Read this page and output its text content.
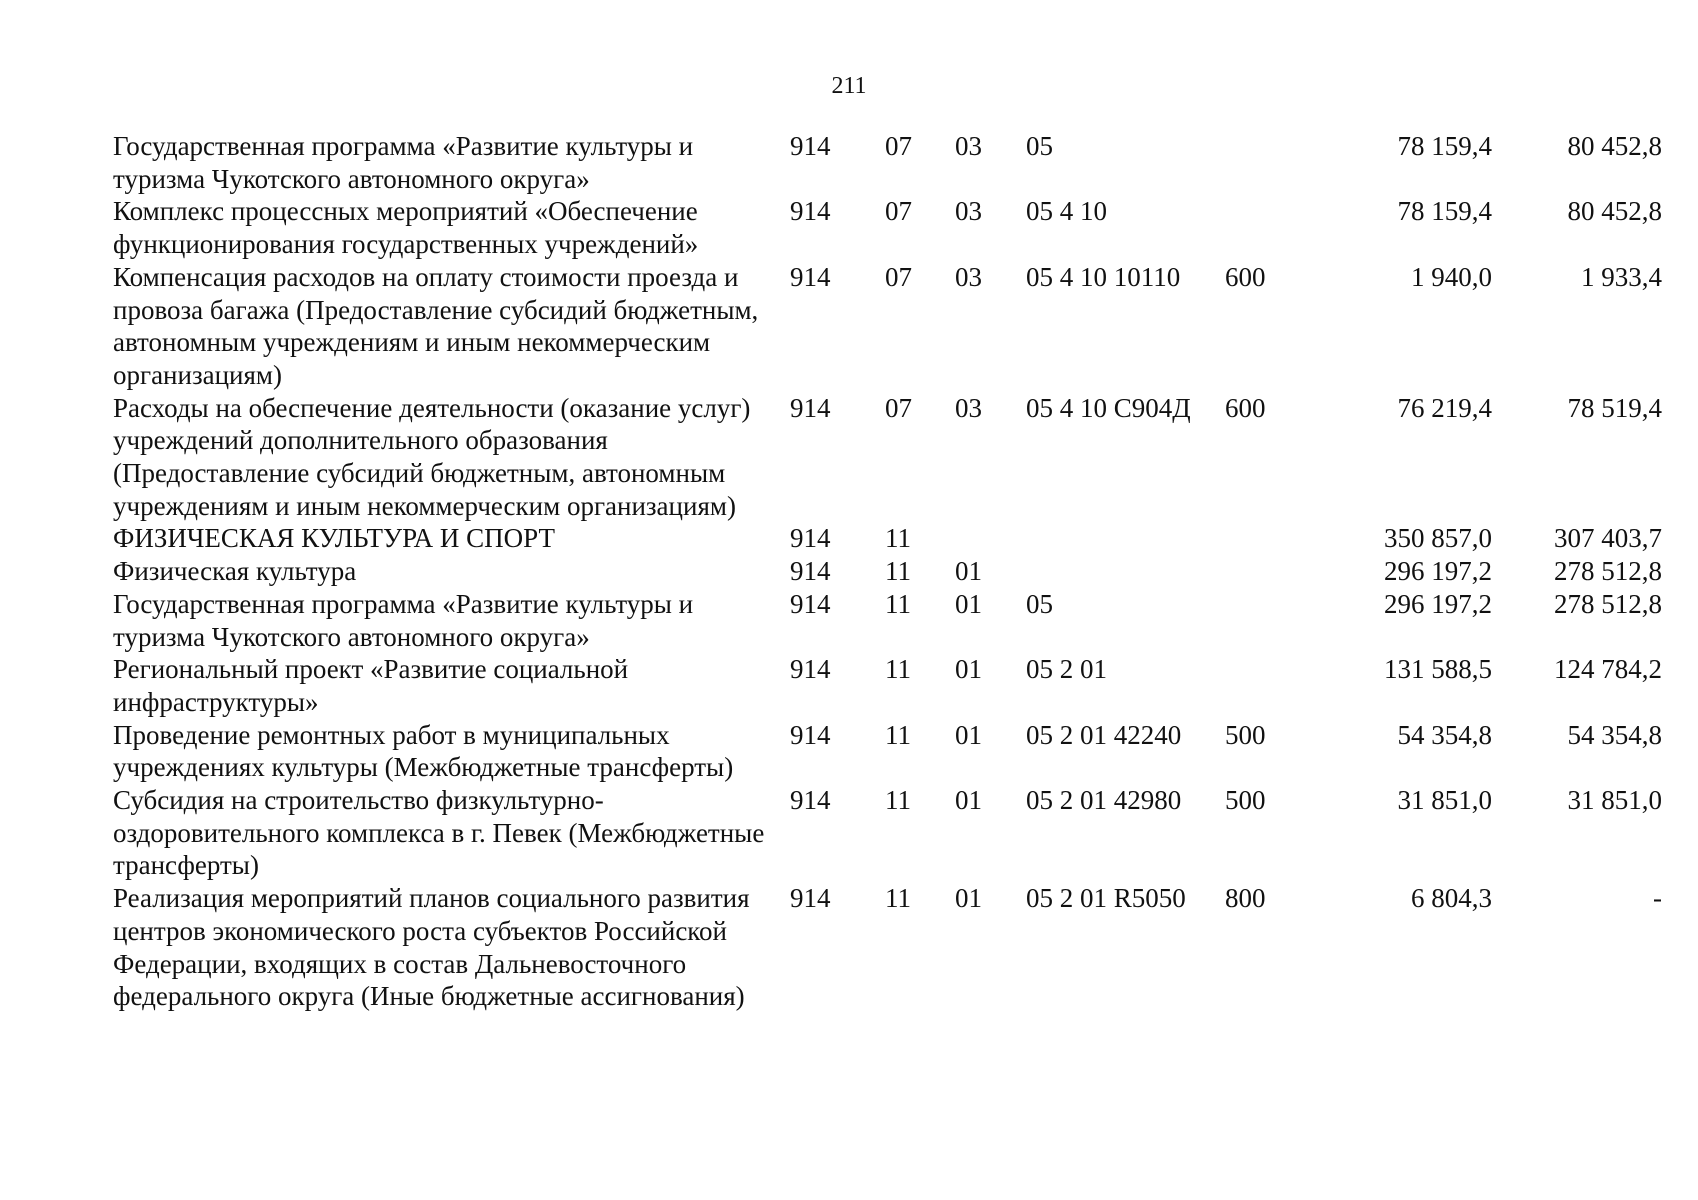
211
Государственная программа «Развитие культуры и туризма Чукотского автономного округа»	914	07	03	05		78 159,4	80 452,8
Комплекс процессных мероприятий «Обеспечение функционирования государственных учреждений»	914	07	03	05 4 10		78 159,4	80 452,8
Компенсация расходов на оплату стоимости проезда и провоза багажа (Предоставление субсидий бюджетным, автономным учреждениям и иным некоммерческим организациям)	914	07	03	05 4 10 10110	600	1 940,0	1 933,4
Расходы на обеспечение деятельности (оказание услуг) учреждений дополнительного образования (Предоставление субсидий бюджетным, автономным учреждениям и иным некоммерческим организациям)	914	07	03	05 4 10 С904Д	600	76 219,4	78 519,4
ФИЗИЧЕСКАЯ КУЛЬТУРА И СПОРТ	914	11				350 857,0	307 403,7
Физическая культура	914	11	01			296 197,2	278 512,8
Государственная программа «Развитие культуры и туризма Чукотского автономного округа»	914	11	01	05		296 197,2	278 512,8
Региональный проект «Развитие социальной инфраструктуры»	914	11	01	05 2 01		131 588,5	124 784,2
Проведение ремонтных работ в муниципальных учреждениях культуры (Межбюджетные трансферты)	914	11	01	05 2 01 42240	500	54 354,8	54 354,8
Субсидия на строительство физкультурно-оздоровительного комплекса в г. Певек (Межбюджетные трансферты)	914	11	01	05 2 01 42980	500	31 851,0	31 851,0
Реализация мероприятий планов социального развития центров экономического роста субъектов Российской Федерации, входящих в состав Дальневосточного федерального округа (Иные бюджетные ассигнования)	914	11	01	05 2 01 R5050	800	6 804,3	-
